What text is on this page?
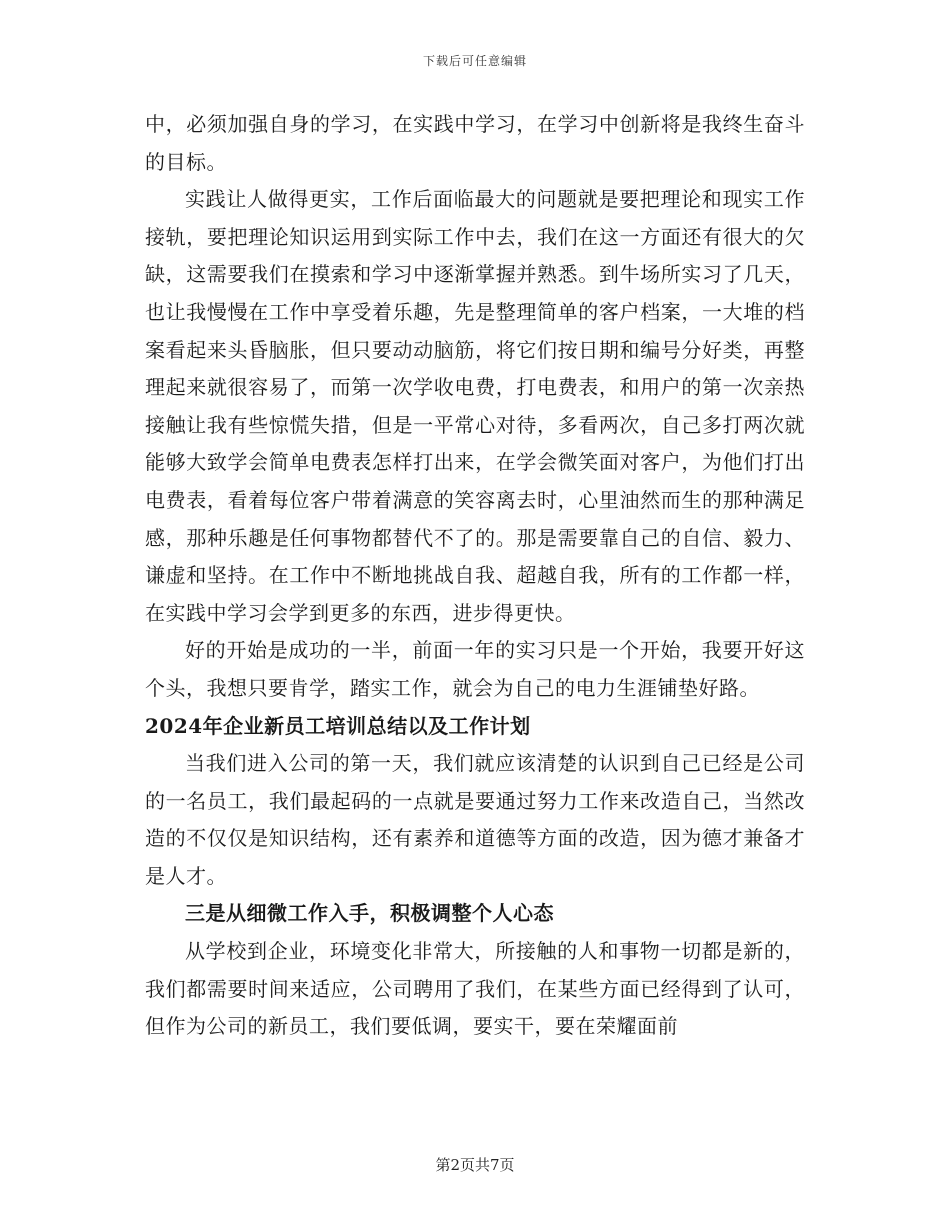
下载后可任意编辑

中，必须加强自身的学习，在实践中学习，在学习中创新将是我终生奋斗的目标。

实践让人做得更实，工作后面临最大的问题就是要把理论和现实工作接轨，要把理论知识运用到实际工作中去，我们在这一方面还有很大的欠缺，这需要我们在摸索和学习中逐渐掌握并熟悉。到牛场所实习了几天，也让我慢慢在工作中享受着乐趣，先是整理简单的客户档案，一大堆的档案看起来头昏脑胀，但只要动动脑筋，将它们按日期和编号分好类，再整理起来就很容易了，而第一次学收电费，打电费表，和用户的第一次亲热接触让我有些惊慌失措，但是一平常心对待，多看两次，自己多打两次就能够大致学会简单电费表怎样打出来，在学会微笑面对客户，为他们打出电费表，看着每位客户带着满意的笑容离去时，心里油然而生的那种满足感，那种乐趣是任何事物都替代不了的。那是需要靠自己的自信、毅力、谦虚和坚持。在工作中不断地挑战自我、超越自我，所有的工作都一样，在实践中学习会学到更多的东西，进步得更快。

好的开始是成功的一半，前面一年的实习只是一个开始，我要开好这个头，我想只要肯学，踏实工作，就会为自己的电力生涯铺垫好路。

2024年企业新员工培训总结以及工作计划

当我们进入公司的第一天，我们就应该清楚的认识到自己已经是公司的一名员工，我们最起码的一点就是要通过努力工作来改造自己，当然改造的不仅仅是知识结构，还有素养和道德等方面的改造，因为德才兼备才是人才。

三是从细微工作入手，积极调整个人心态

从学校到企业，环境变化非常大，所接触的人和事物一切都是新的，我们都需要时间来适应，公司聘用了我们，在某些方面已经得到了认可，但作为公司的新员工，我们要低调，要实干，要在荣耀面前

第2页共7页
